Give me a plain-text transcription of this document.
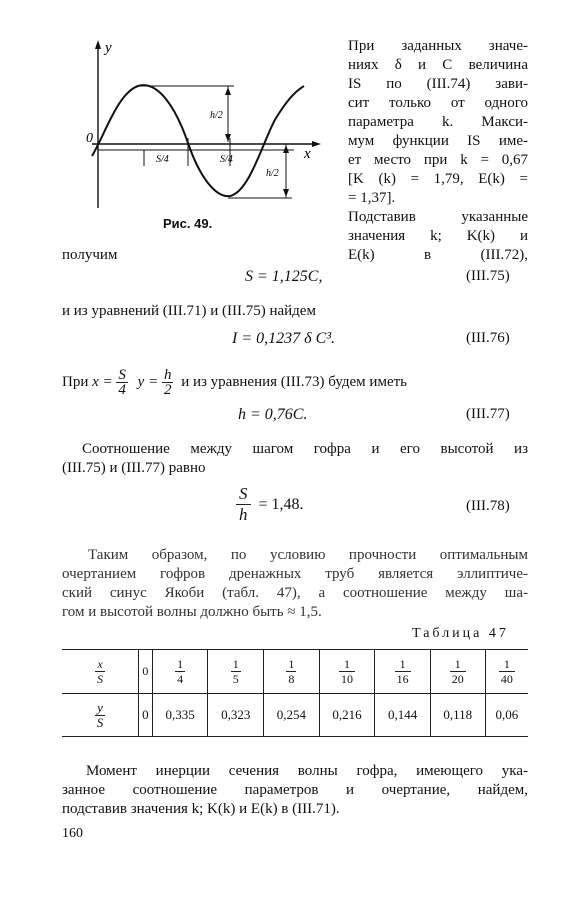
y
x
0
S/4	S/4
h/2
h/2
Рис. 49.
При заданных значе-
ниях δ и C величина
IS по (III.74) зави-
сит только от одного
параметра k. Макси-
мум функции IS име-
ет место при k = 0,67
[K (k) = 1,79, E(k) =
= 1,37].
Подставив указанные
значения k; K(k) и
E(k) в (III.72),
получим
S = 1,125C,	(III.75)
и из уравнений (III.71) и (III.75) найдем
I = 0,1237 δ C³.	(III.76)
При $x = \frac{S}{4}$ $y = \frac{h}{2}$ и из уравнения (III.73) будем иметь
h = 0,76C.	(III.77)
Соотношение между шагом гофра и его высотой из
(III.75) и (III.77) равно
$\frac{S}{h} = 1,48$.	(III.78)
Таким образом, по условию прочности оптимальным
очертанием гофров дренажных труб является эллиптиче-
ский синус Якоби (табл. 47), а соотношение между ша-
гом и высотой волны должно быть ≈ 1,5.
Таблица 47
$\frac{x}{S}$	0	$\frac{1}{4}$	$\frac{1}{5}$	$\frac{1}{8}$	$\frac{1}{10}$	$\frac{1}{16}$	$\frac{1}{20}$	$\frac{1}{40}$

$\frac{y}{S}$	0	0,335	0,323	0,254	0,216	0,144	0,118	0,06
Момент инерции сечения волны гофра, имеющего ука-
занное соотношение параметров и очертание, найдем,
подставив значения k; K(k) и E(k) в (III.71).
160
